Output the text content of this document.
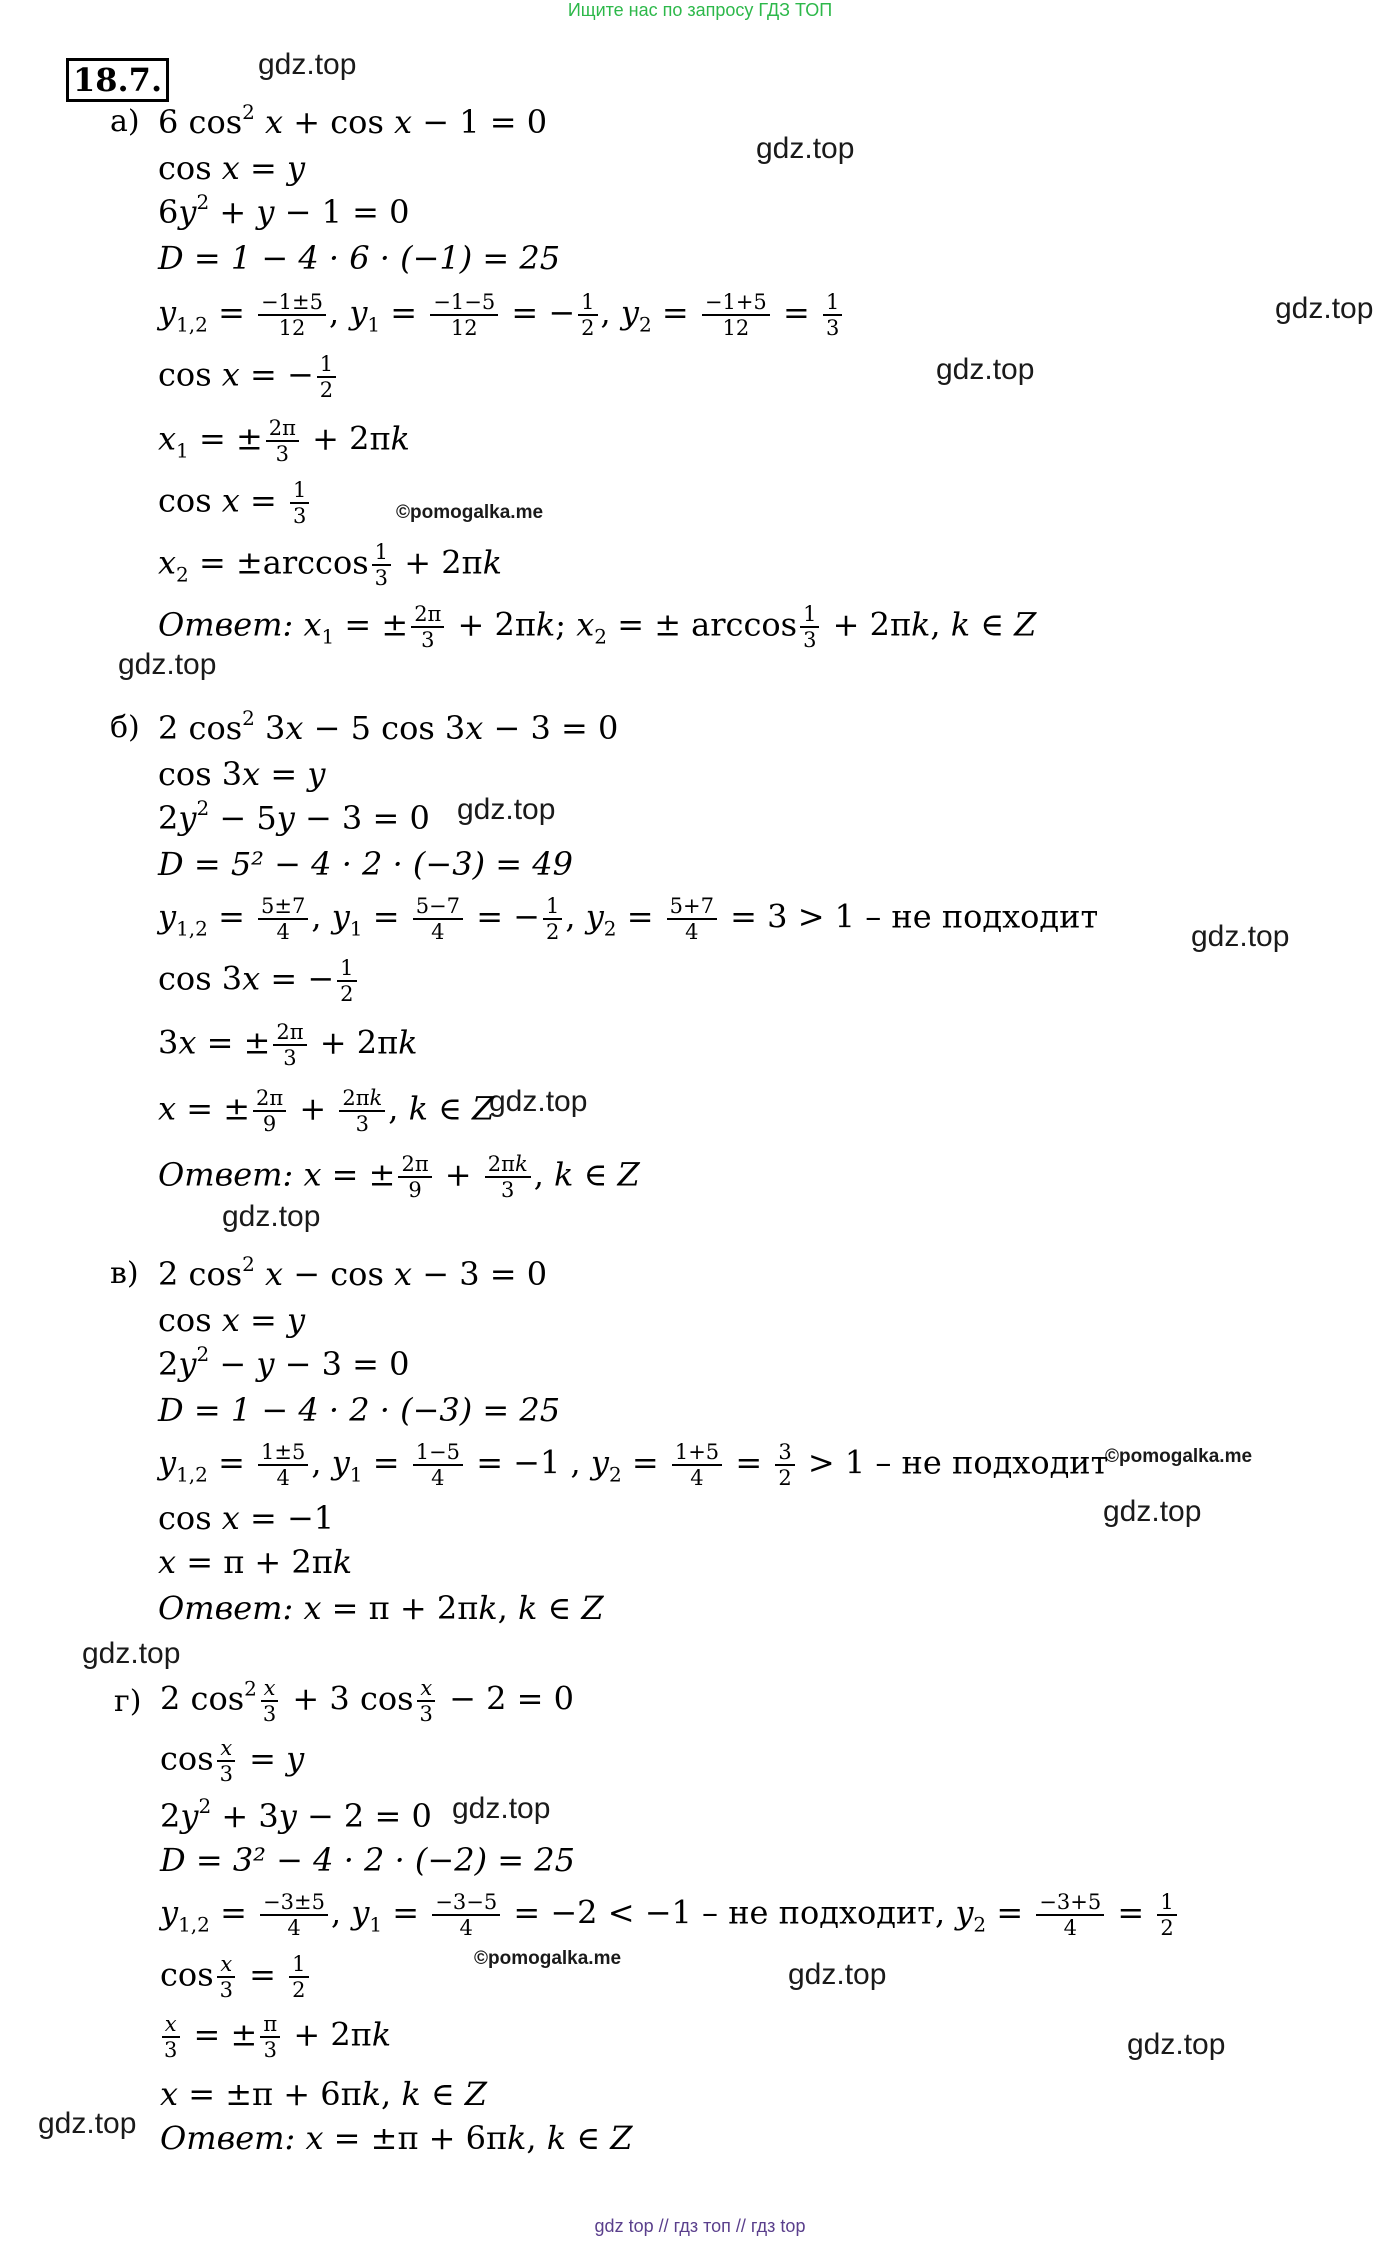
Ищите нас по запросу ГДЗ ТОП
gdz top // гдз топ // гдз top
18.7.	gdz.top
gdz.top
gdz.top
gdz.top
gdz.top
gdz.top
gdz.top
gdz.top
gdz.top
gdz.top
gdz.top
gdz.top
gdz.top
gdz.top
gdz.top
©pomogalka.me
©pomogalka.me
©pomogalka.me
а) 6 $\cos^2 x + \cos x - 1 = 0$
cos x = y
$6y^2 + y - 1 = 0$
D = 1 − 4 · 6 · (−1) = 25
$y_{1,2} = \frac{-1\pm 5}{12}$ , $y_1 = \frac{-1-5}{12}$ = − $\frac{1}{2}$ , $y_2 = \frac{-1+5}{12} = \frac{1}{3}$
cos x = − $\frac{1}{2}$
$x_1$ = ± $\frac{2\pi}{3} + 2\pi k$
$\cos x = \frac{1}{3}$
$x_2 = \pm\arccos \frac{1}{3} + 2\pi k$
Ответ: $x_1$ = ± $\frac{2\pi}{3} + 2\pi k$; $x_2$ = ± $\arccos \frac{1}{3} + 2\pi k$, k ∈ Z
б) 2 $\cos^2 3x - 5$ cos 3x − 3 = 0
cos 3x = y
$2y^2 - 5y - 3 = 0$
D = 5² − 4 · 2 · (−3) = 49
$y_{1,2} = \frac{5\pm 7}{4}$ , $y_1 = \frac{5-7}{4}$ = − $\frac{1}{2}$ , $y_2 = \frac{5+7}{4} = 3 > 1$ – не подходит
cos 3x = − $\frac{1}{2}$
3x = ± $\frac{2\pi}{3} + 2\pi k$
x = ± $\frac{2\pi}{9} + \frac{2\pi k}{3}$ , k ∈ Z
Ответ: x = ± $\frac{2\pi}{9} + \frac{2\pi k}{3}$ , k ∈ Z
в) 2 $\cos^2 x - \cos x - 3 = 0$
cos x = y
$2y^2 - y - 3 = 0$
D = 1 − 4 · 2 · (−3) = 25
$y_{1,2} = \frac{1\pm 5}{4}$ , $y_1 = \frac{1-5}{4} = -1$ , $y_2 = \frac{1+5}{4} = \frac{3}{2} > 1$ – не подходит
cos x = −1
x = π + 2πk
Ответ: x = π + 2πk, k ∈ Z
г) 2 $\cos^2 \frac{x}{3} + 3$ $\cos \frac{x}{3} - 2 = 0$
$\cos \frac{x}{3} = y$
$2y^2 + 3y - 2 = 0$
D = 3² − 4 · 2 · (−2) = 25
$y_{1,2} = \frac{-3\pm 5}{4}$ , $y_1 = \frac{-3-5}{4} = -2 < -1$ – не подходит, $y_2 = \frac{-3+5}{4} = \frac{1}{2}$
$\cos \frac{x}{3} = \frac{1}{2}$
$\frac{x}{3}$ = ± $\frac{\pi}{3} + 2\pi k$
x = ±π + 6πk, k ∈ Z
Ответ: x = ±π + 6πk, k ∈ Z
